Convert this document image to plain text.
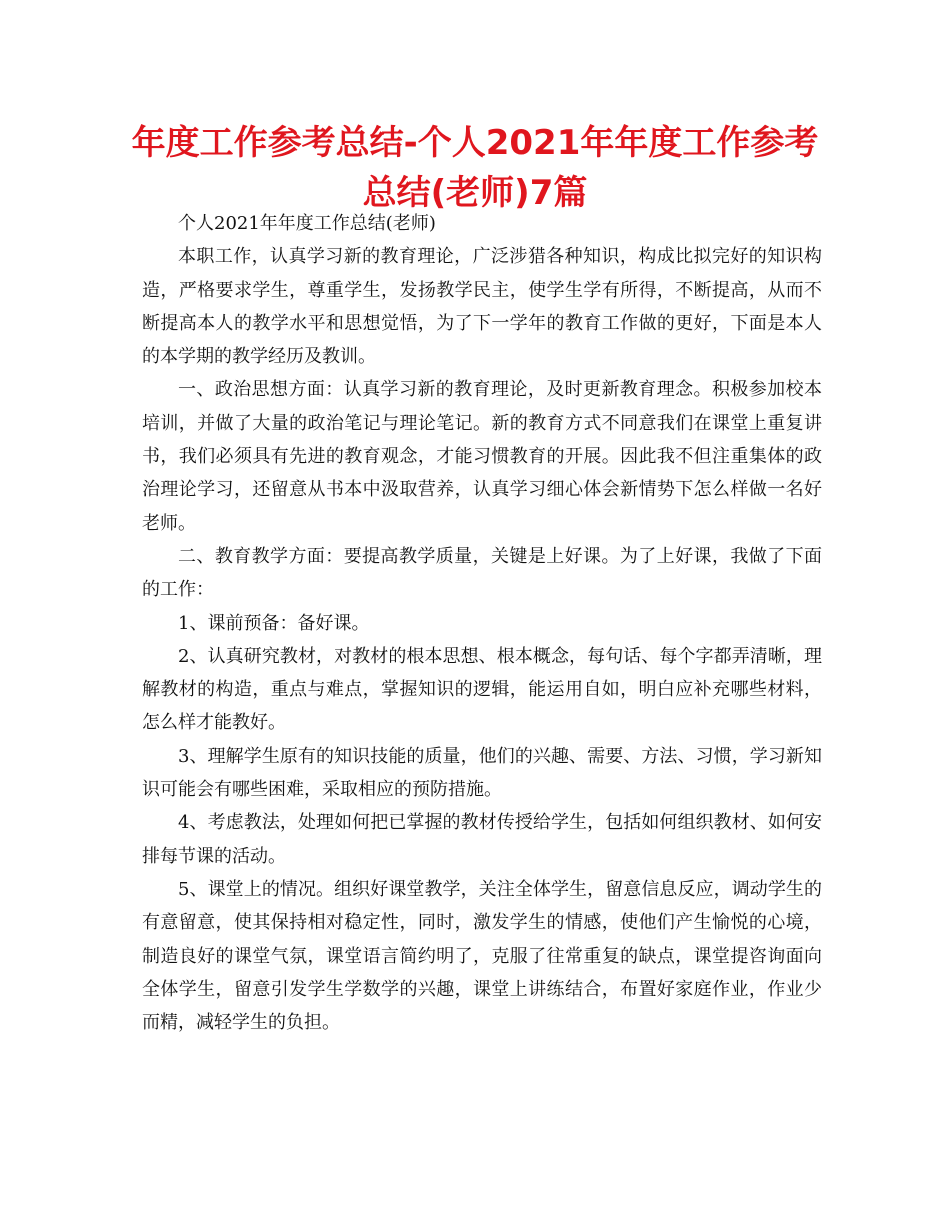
年度工作参考总结-个人2021年年度工作参考总结(老师)7篇

个人2021年年度工作总结(老师)

本职工作，认真学习新的教育理论，广泛涉猎各种知识，构成比拟完好的知识构造，严格要求学生，尊重学生，发扬教学民主，使学生学有所得，不断提高，从而不断提高本人的教学水平和思想觉悟，为了下一学年的教育工作做的更好，下面是本人的本学期的教学经历及教训。

一、政治思想方面：认真学习新的教育理论，及时更新教育理念。积极参加校本培训，并做了大量的政治笔记与理论笔记。新的教育方式不同意我们在课堂上重复讲书，我们必须具有先进的教育观念，才能习惯教育的开展。因此我不但注重集体的政治理论学习，还留意从书本中汲取营养，认真学习细心体会新情势下怎么样做一名好老师。

二、教育教学方面：要提高教学质量，关键是上好课。为了上好课，我做了下面的工作：

1、课前预备：备好课。

2、认真研究教材，对教材的根本思想、根本概念，每句话、每个字都弄清晰，理解教材的构造，重点与难点，掌握知识的逻辑，能运用自如，明白应补充哪些材料，怎么样才能教好。

3、理解学生原有的知识技能的质量，他们的兴趣、需要、方法、习惯，学习新知识可能会有哪些困难，采取相应的预防措施。

4、考虑教法，处理如何把已掌握的教材传授给学生，包括如何组织教材、如何安排每节课的活动。

5、课堂上的情况。组织好课堂教学，关注全体学生，留意信息反应，调动学生的有意留意，使其保持相对稳定性，同时，激发学生的情感，使他们产生愉悦的心境，制造良好的课堂气氛，课堂语言简约明了，克服了往常重复的缺点，课堂提咨询面向全体学生，留意引发学生学数学的兴趣，课堂上讲练结合，布置好家庭作业，作业少而精，减轻学生的负担。
